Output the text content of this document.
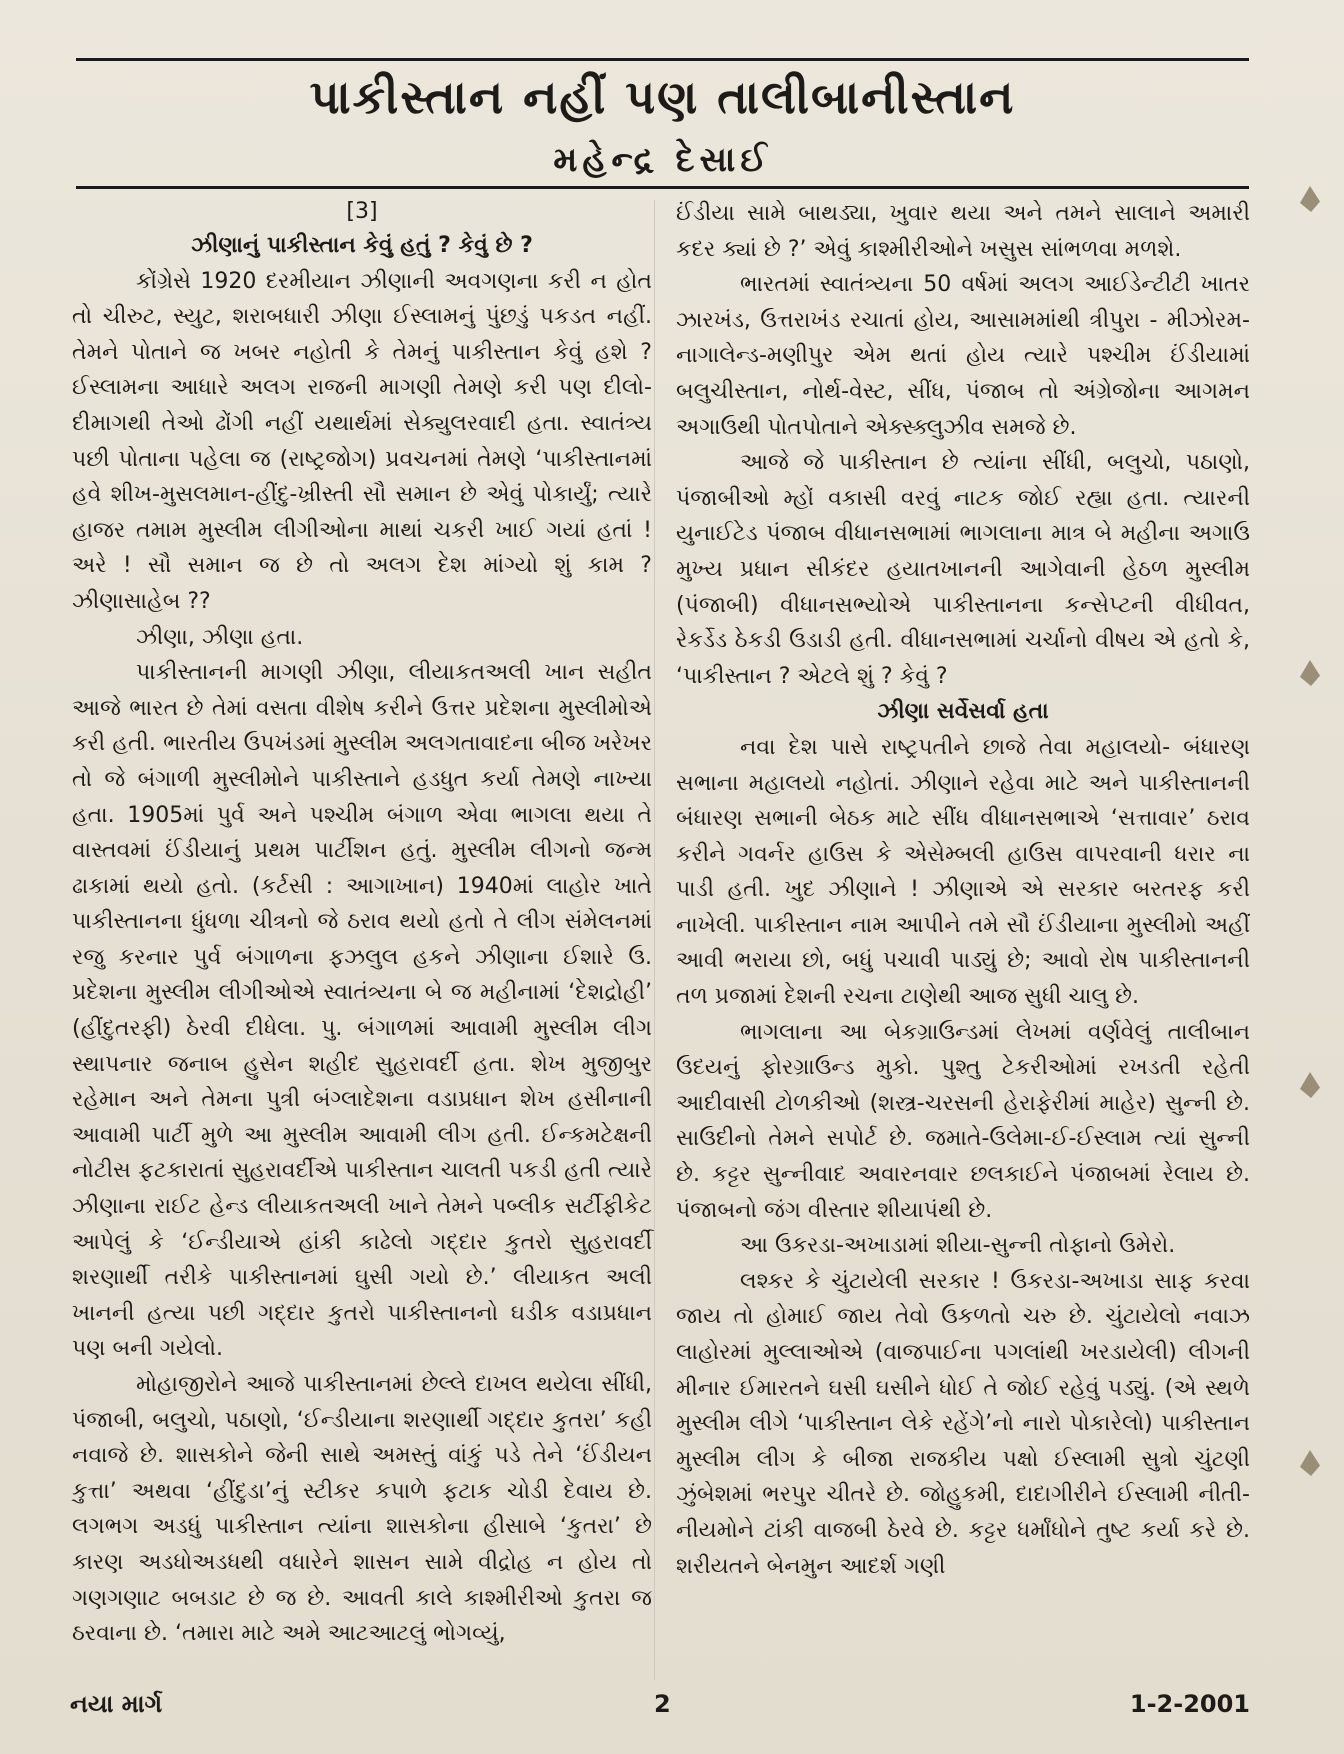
પાકીસ્તાન નહીં પણ તાલીબાનીસ્તાન
મહેન્દ્ર દેસાઈ
[3]

ઝીણાનું પાકીસ્તાન કેવું હતું ? કેવું છે ?

કોંગ્રેસે 1920 દરમીયાન ઝીણાની અવગણના કરી ન હોત તો ચીરુટ, સ્યુટ, શરાબધારી ઝીણા ઈસ્લામનું પુંછડું પકડત નહીં. તેમને પોતાને જ ખબર નહોતી કે તેમનું પાકીસ્તાન કેવું હશે ? ઈસ્લામના આધારે અલગ રાજની માગણી તેમણે કરી પણ દીલો-દીમાગથી તેઓ ઢોંગી નહીં યથાર્થમાં સેક્યુલરવાદી હતા. સ્વાતંત્ર્ય પછી પોતાના પહેલા જ (રાષ્ટ્રજોગ) પ્રવચનમાં તેમણે ‘પાકીસ્તાનમાં હવે શીખ-મુસલમાન-હીંદુ-ખ્રીસ્તી સૌ સમાન છે એવું પોકાર્યું; ત્યારે હાજર તમામ મુસ્લીમ લીગીઓના માથાં ચકરી ખાઈ ગયાં હતાં ! અરે ! સૌ સમાન જ છે તો અલગ દેશ માંગ્યો શું કામ ? ઝીણાસાહેબ ??

ઝીણા, ઝીણા હતા.

પાકીસ્તાનની માગણી ઝીણા, લીયાકતઅલી ખાન સહીત આજે ભારત છે તેમાં વસતા વીશેષ કરીને ઉત્તર પ્રદેશના મુસ્લીમોએ કરી હતી. ભારતીય ઉપખંડમાં મુસ્લીમ અલગતાવાદના બીજ ખરેખર તો જે બંગાળી મુસ્લીમોને પાકીસ્તાને હડધુત કર્યા તેમણે નાખ્યા હતા. 1905માં પુર્વ અને પશ્ચીમ બંગાળ એવા ભાગલા થયા તે વાસ્તવમાં ઈંડીયાનું પ્રથમ પાર્ટીશન હતું. મુસ્લીમ લીગનો જન્મ ઢાકામાં થયો હતો. (કર્ટસી : આગાખાન) 1940માં લાહોર ખાતે પાકીસ્તાનના ધુંધળા ચીત્રનો જે ઠરાવ થયો હતો તે લીગ સંમેલનમાં રજુ કરનાર પુર્વ બંગાળના ફઝલુલ હકને ઝીણાના ઈશારે ઉ. પ્રદેશના મુસ્લીમ લીગીઓએ સ્વાતંત્ર્યના બે જ મહીનામાં ‘દેશદ્રોહી’ (હીંદુતરફી) ઠેરવી દીધેલા. પુ. બંગાળમાં આવામી મુસ્લીમ લીગ સ્થાપનાર જનાબ હુસેન શહીદ સુહરાવર્દી હતા. શેખ મુજીબુર રહેમાન અને તેમના પુત્રી બંગ્લાદેશના વડાપ્રધાન શેખ હસીનાની આવામી પાર્ટી મુળે આ મુસ્લીમ આવામી લીગ હતી. ઈન્કમટેક્ષની નોટીસ ફટકારાતાં સુહરાવર્દીએ પાકીસ્તાન ચાલતી પકડી હતી ત્યારે ઝીણાના રાઈટ હેન્ડ લીયાકતઅલી ખાને તેમને પબ્લીક સર્ટીફીકેટ આપેલું કે ‘ઈન્ડીયાએ હાંકી કાઢેલો ગદ્દાર કુતરો સુહરાવર્દી શરણાર્થી તરીકે પાકીસ્તાનમાં ઘુસી ગયો છે.’ લીયાકત અલી ખાનની હત્યા પછી ગદ્દાર કુતરો પાકીસ્તાનનો ઘડીક વડાપ્રધાન પણ બની ગયેલો.

મોહાજીરોને આજે પાકીસ્તાનમાં છેલ્લે દાખલ થયેલા સીંધી, પંજાબી, બલુચો, પઠાણો, ‘ઈન્ડીયાના શરણાર્થી ગદ્દાર કુતરા’ કહી નવાજે છે. શાસકોને જેની સાથે અમસ્તું વાંકું પડે તેને ‘ઈંડીયન કુત્તા’ અથવા ‘હીંદુડા’નું સ્ટીકર કપાળે ફટાક ચોડી દેવાય છે. લગભગ અડધું પાકીસ્તાન ત્યાંના શાસકોના હીસાબે ‘કુતરા’ છે કારણ અડધોઅડધથી વધારેને શાસન સામે વીદ્રોહ ન હોય તો ગણગણાટ બબડાટ છે જ છે. આવતી કાલે કાશ્મીરીઓ કુતરા જ ઠરવાના છે. ‘તમારા માટે અમે આટઆટલું ભોગવ્યું,

ઈંડીયા સામે બાથડ્યા, ખુવાર થયા અને તમને સાલાને અમારી કદર ક્યાં છે ?’ એવું કાશ્મીરીઓને ખસુસ સાંભળવા મળશે.

ભારતમાં સ્વાતંત્ર્યના 50 વર્ષમાં અલગ આઈડેન્ટીટી ખાતર ઝારખંડ, ઉત્તરાખંડ રચાતાં હોય, આસામમાંથી ત્રીપુરા - મીઝોરમ-નાગાલેન્ડ-મણીપુર એમ થતાં હોય ત્યારે પશ્ચીમ ઈંડીયામાં બલુચીસ્તાન, નોર્થ-વેસ્ટ, સીંધ, પંજાબ તો અંગ્રેજોના આગમન અગાઉથી પોતપોતાને એક્સ્ક્લુઝીવ સમજે છે.

આજે જે પાકીસ્તાન છે ત્યાંના સીંધી, બલુચો, પઠાણો, પંજાબીઓ મ્હોં વકાસી વરવું નાટક જોઈ રહ્યા હતા. ત્યારની યુનાઈટેડ પંજાબ વીધાનસભામાં ભાગલાના માત્ર બે મહીના અગાઉ મુખ્ય પ્રધાન સીકંદર હયાતખાનની આગેવાની હેઠળ મુસ્લીમ (પંજાબી) વીધાનસભ્યોએ પાકીસ્તાનના કન્સેપ્ટની વીધીવત, રેકર્ડેડ ઠેકડી ઉડાડી હતી. વીધાનસભામાં ચર્ચાનો વીષય એ હતો કે, ‘પાકીસ્તાન ? એટલે શું ? કેવું ?

ઝીણા સર્વેસર્વા હતા

નવા દેશ પાસે રાષ્ટ્રપતીને છાજે તેવા મહાલયો- બંધારણ સભાના મહાલયો નહોતાં. ઝીણાને રહેવા માટે અને પાકીસ્તાનની બંધારણ સભાની બેઠક માટે સીંધ વીધાનસભાએ ‘સત્તાવાર’ ઠરાવ કરીને ગવર્નર હાઉસ કે એસેમ્બલી હાઉસ વાપરવાની ધરાર ના પાડી હતી. ખુદ ઝીણાને ! ઝીણાએ એ સરકાર બરતરફ કરી નાખેલી. પાકીસ્તાન નામ આપીને તમે સૌ ઈંડીયાના મુસ્લીમો અહીં આવી ભરાયા છો, બધું પચાવી પાડ્યું છે; આવો રોષ પાકીસ્તાનની તળ પ્રજામાં દેશની રચના ટાણેથી આજ સુધી ચાલુ છે.

ભાગલાના આ બેકગ્રાઉન્ડમાં લેખમાં વર્ણવેલું તાલીબાન ઉદયનું ફોરગ્રાઉન્ડ મુકો. પુશ્તુ ટેકરીઓમાં રખડતી રહેતી આદીવાસી ટોળકીઓ (શસ્ત્ર-ચરસની હેરાફેરીમાં માહેર) સુન્ની છે. સાઉદીનો તેમને સપોર્ટ છે. જમાતે-ઉલેમા-ઈ-ઈસ્લામ ત્યાં સુન્ની છે. કટ્ટર સુન્નીવાદ અવારનવાર છલકાઈને પંજાબમાં રેલાય છે. પંજાબનો જંગ વીસ્તાર શીયાપંથી છે.

આ ઉકરડા-અખાડામાં શીયા-સુન્ની તોફાનો ઉમેરો.

લશ્કર કે ચુંટાયેલી સરકાર ! ઉકરડા-અખાડા સાફ કરવા જાય તો હોમાઈ જાય તેવો ઉકળતો ચરુ છે. ચુંટાયેલો નવાઝ લાહોરમાં મુલ્લાઓએ (વાજપાઈના પગલાંથી ખરડાયેલી) લીગની મીનાર ઈમારતને ઘસી ઘસીને ધોઈ તે જોઈ રહેવું પડ્યું. (એ સ્થળે મુસ્લીમ લીગે ‘પાકીસ્તાન લેકે રહેંગે’નો નારો પોકારેલો) પાકીસ્તાન મુસ્લીમ લીગ કે બીજા રાજકીય પક્ષો ઈસ્લામી સુત્રો ચુંટણી ઝુંબેશમાં ભરપુર ચીતરે છે. જોહુકમી, દાદાગીરીને ઈસ્લામી નીતી-નીયમોને ટાંકી વાજબી ઠેરવે છે. કટ્ટર ધર્માંધોને તુષ્ટ કર્યા કરે છે. શરીયતને બેનમુન આદર્શ ગણી

નયા માર્ગ	2	1-2-2001
